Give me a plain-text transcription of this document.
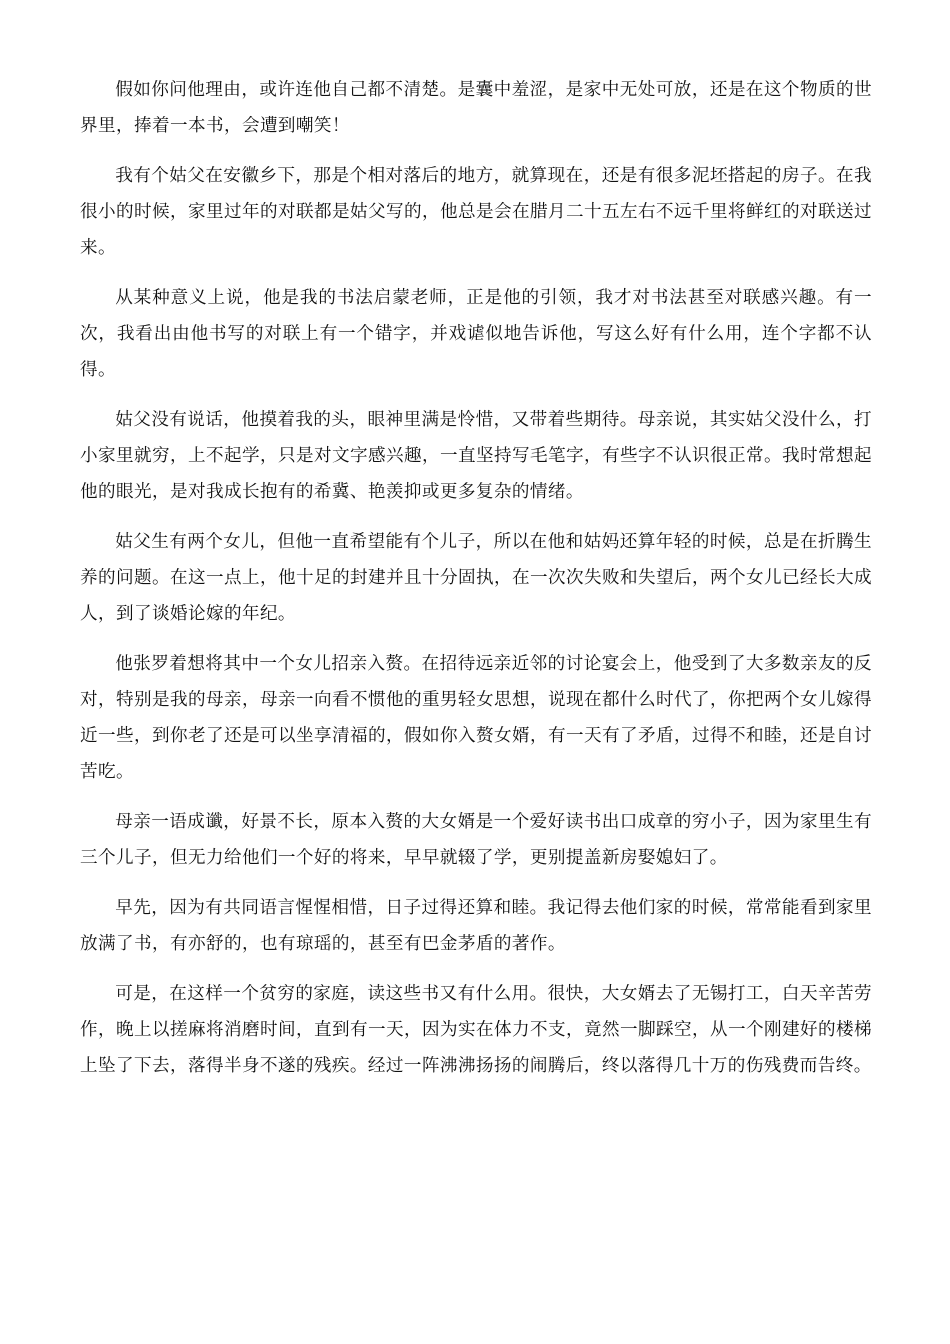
假如你问他理由，或许连他自己都不清楚。是囊中羞涩，是家中无处可放，还是在这个物质的世界里，捧着一本书，会遭到嘲笑！

我有个姑父在安徽乡下，那是个相对落后的地方，就算现在，还是有很多泥坯搭起的房子。在我很小的时候，家里过年的对联都是姑父写的，他总是会在腊月二十五左右不远千里将鲜红的对联送过来。

从某种意义上说，他是我的书法启蒙老师，正是他的引领，我才对书法甚至对联感兴趣。有一次，我看出由他书写的对联上有一个错字，并戏谑似地告诉他，写这么好有什么用，连个字都不认得。

姑父没有说话，他摸着我的头，眼神里满是怜惜，又带着些期待。母亲说，其实姑父没什么，打小家里就穷，上不起学，只是对文字感兴趣，一直坚持写毛笔字，有些字不认识很正常。我时常想起他的眼光，是对我成长抱有的希冀、艳羡抑或更多复杂的情绪。

姑父生有两个女儿，但他一直希望能有个儿子，所以在他和姑妈还算年轻的时候，总是在折腾生养的问题。在这一点上，他十足的封建并且十分固执，在一次次失败和失望后，两个女儿已经长大成人，到了谈婚论嫁的年纪。

他张罗着想将其中一个女儿招亲入赘。在招待远亲近邻的讨论宴会上，他受到了大多数亲友的反对，特别是我的母亲，母亲一向看不惯他的重男轻女思想，说现在都什么时代了，你把两个女儿嫁得近一些，到你老了还是可以坐享清福的，假如你入赘女婿，有一天有了矛盾，过得不和睦，还是自讨苦吃。

母亲一语成谶，好景不长，原本入赘的大女婿是一个爱好读书出口成章的穷小子，因为家里生有三个儿子，但无力给他们一个好的将来，早早就辍了学，更别提盖新房娶媳妇了。

早先，因为有共同语言惺惺相惜，日子过得还算和睦。我记得去他们家的时候，常常能看到家里放满了书，有亦舒的，也有琼瑶的，甚至有巴金茅盾的著作。

可是，在这样一个贫穷的家庭，读这些书又有什么用。很快，大女婿去了无锡打工，白天辛苦劳作，晚上以搓麻将消磨时间，直到有一天，因为实在体力不支，竟然一脚踩空，从一个刚建好的楼梯上坠了下去，落得半身不遂的残疾。经过一阵沸沸扬扬的闹腾后，终以落得几十万的伤残费而告终。
